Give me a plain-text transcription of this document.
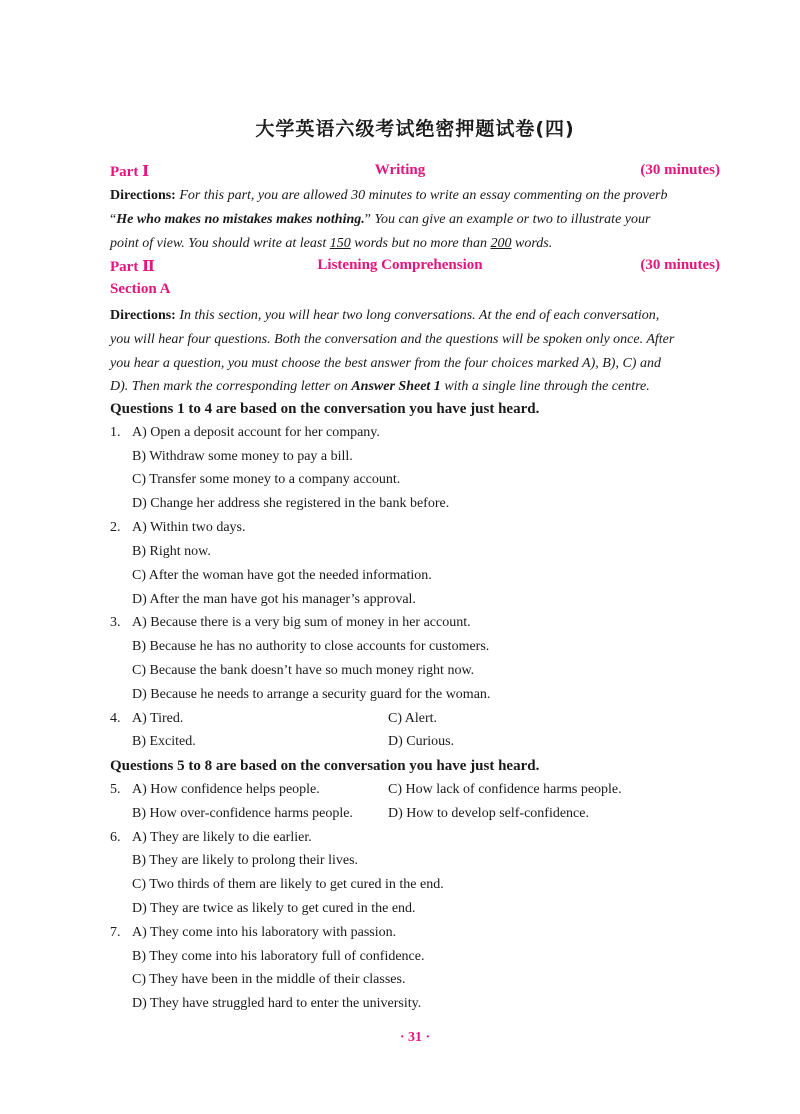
大学英语六级考试绝密押题试卷(四)
Part Ⅰ	Writing	(30 minutes)
Directions: For this part, you are allowed 30 minutes to write an essay commenting on the proverb
“He who makes no mistakes makes nothing.” You can give an example or two to illustrate your
point of view. You should write at least 150 words but no more than 200 words.
Part Ⅱ	Listening Comprehension	(30 minutes)
Section A
Directions: In this section, you will hear two long conversations. At the end of each conversation,
you will hear four questions. Both the conversation and the questions will be spoken only once. After
you hear a question, you must choose the best answer from the four choices marked A), B), C) and
D). Then mark the corresponding letter on Answer Sheet 1 with a single line through the centre.
Questions 1 to 4 are based on the conversation you have just heard.
1. A) Open a deposit account for her company.
B) Withdraw some money to pay a bill.
C) Transfer some money to a company account.
D) Change her address she registered in the bank before.
2. A) Within two days.
B) Right now.
C) After the woman have got the needed information.
D) After the man have got his manager’s approval.
3. A) Because there is a very big sum of money in her account.
B) Because he has no authority to close accounts for customers.
C) Because the bank doesn’t have so much money right now.
D) Because he needs to arrange a security guard for the woman.
4. A) Tired.	C) Alert.
B) Excited.	D) Curious.
Questions 5 to 8 are based on the conversation you have just heard.
5. A) How confidence helps people.	C) How lack of confidence harms people.
B) How over-confidence harms people.	D) How to develop self-confidence.
6. A) They are likely to die earlier.
B) They are likely to prolong their lives.
C) Two thirds of them are likely to get cured in the end.
D) They are twice as likely to get cured in the end.
7. A) They come into his laboratory with passion.
B) They come into his laboratory full of confidence.
C) They have been in the middle of their classes.
D) They have struggled hard to enter the university.
· 31 ·
